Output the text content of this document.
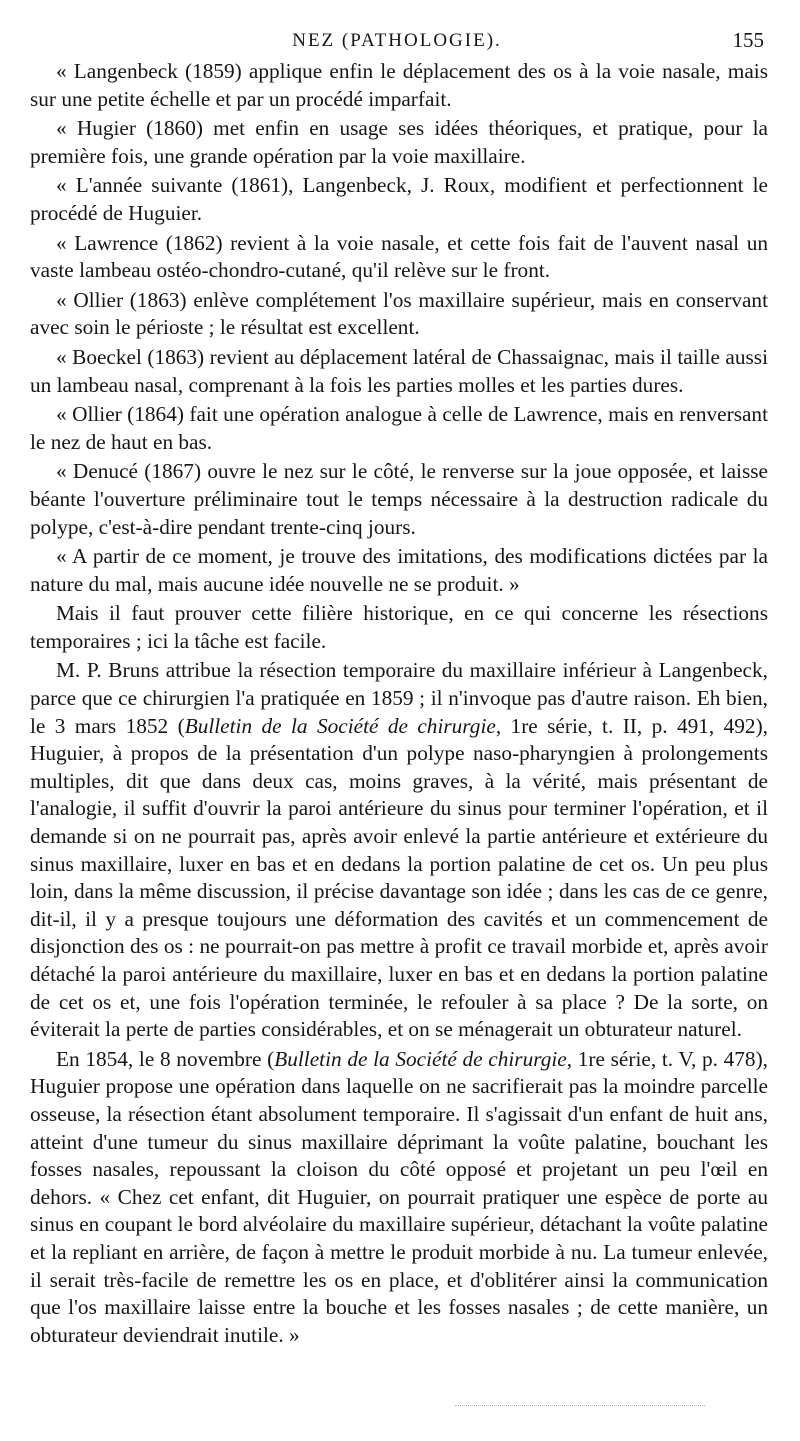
NEZ (PATHOLOGIE).	155

« Langenbeck (1859) applique enfin le déplacement des os à la voie nasale, mais sur une petite échelle et par un procédé imparfait.

« Hugier (1860) met enfin en usage ses idées théoriques, et pratique, pour la première fois, une grande opération par la voie maxillaire.

« L'année suivante (1861), Langenbeck, J. Roux, modifient et perfectionnent le procédé de Huguier.

« Lawrence (1862) revient à la voie nasale, et cette fois fait de l'auvent nasal un vaste lambeau ostéo-chondro-cutané, qu'il relève sur le front.

« Ollier (1863) enlève complétement l'os maxillaire supérieur, mais en conservant avec soin le périoste ; le résultat est excellent.

« Boeckel (1863) revient au déplacement latéral de Chassaignac, mais il taille aussi un lambeau nasal, comprenant à la fois les parties molles et les parties dures.

« Ollier (1864) fait une opération analogue à celle de Lawrence, mais en renversant le nez de haut en bas.

« Denucé (1867) ouvre le nez sur le côté, le renverse sur la joue opposée, et laisse béante l'ouverture préliminaire tout le temps nécessaire à la destruction radicale du polype, c'est-à-dire pendant trente-cinq jours.

« A partir de ce moment, je trouve des imitations, des modifications dictées par la nature du mal, mais aucune idée nouvelle ne se produit. »

Mais il faut prouver cette filière historique, en ce qui concerne les résections temporaires ; ici la tâche est facile.

M. P. Bruns attribue la résection temporaire du maxillaire inférieur à Langenbeck, parce que ce chirurgien l'a pratiquée en 1859 ; il n'invoque pas d'autre raison. Eh bien, le 3 mars 1852 (Bulletin de la Société de chirurgie, 1re série, t. II, p. 491, 492), Huguier, à propos de la présentation d'un polype naso-pharyngien à prolongements multiples, dit que dans deux cas, moins graves, à la vérité, mais présentant de l'analogie, il suffit d'ouvrir la paroi antérieure du sinus pour terminer l'opération, et il demande si on ne pourrait pas, après avoir enlevé la partie antérieure et extérieure du sinus maxillaire, luxer en bas et en dedans la portion palatine de cet os. Un peu plus loin, dans la même discussion, il précise davantage son idée ; dans les cas de ce genre, dit-il, il y a presque toujours une déformation des cavités et un commencement de disjonction des os : ne pourrait-on pas mettre à profit ce travail morbide et, après avoir détaché la paroi antérieure du maxillaire, luxer en bas et en dedans la portion palatine de cet os et, une fois l'opération terminée, le refouler à sa place ? De la sorte, on éviterait la perte de parties considérables, et on se ménagerait un obturateur naturel.

En 1854, le 8 novembre (Bulletin de la Société de chirurgie, 1re série, t. V, p. 478), Huguier propose une opération dans laquelle on ne sacrifierait pas la moindre parcelle osseuse, la résection étant absolument temporaire. Il s'agissait d'un enfant de huit ans, atteint d'une tumeur du sinus maxillaire déprimant la voûte palatine, bouchant les fosses nasales, repoussant la cloison du côté opposé et projetant un peu l'œil en dehors. « Chez cet enfant, dit Huguier, on pourrait pratiquer une espèce de porte au sinus en coupant le bord alvéolaire du maxillaire supérieur, détachant la voûte palatine et la repliant en arrière, de façon à mettre le produit morbide à nu. La tumeur enlevée, il serait très-facile de remettre les os en place, et d'oblitérer ainsi la communication que l'os maxillaire laisse entre la bouche et les fosses nasales ; de cette manière, un obturateur deviendrait inutile. »
